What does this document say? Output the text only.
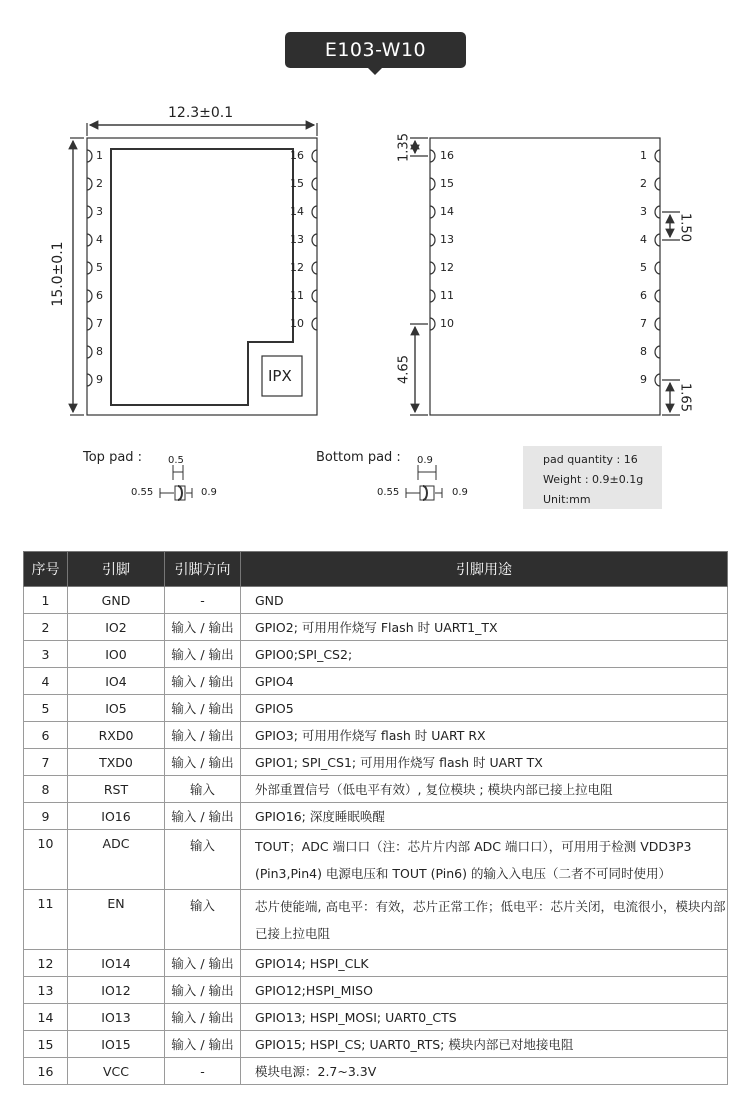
E103-W10
12.3±0.1
15.0±0.1
IPX
1
2
3
4
5
6
7
8
9
16
15
14
13
12
11
10
16
15
14
13
12
11
10
1
2
3
4
5
6
7
8
9
1.35
1.50
4.65
1.65
Top pad :	Bottom pad :
0.5
0.55	0.9
0.9
0.55	0.9
pad quantity : 16
Weight : 0.9±0.1g
Unit:mm
序号	引脚	引脚方向	引脚用途
1	GND	-	GND
2	IO2	输入 / 输出	GPIO2; 可用用作烧写 Flash 时 UART1_TX
3	IO0	输入 / 输出	GPIO0;SPI_CS2;
4	IO4	输入 / 输出	GPIO4
5	IO5	输入 / 输出	GPIO5
6	RXD0	输入 / 输出	GPIO3; 可用用作烧写 flash 时 UART RX
7	TXD0	输入 / 输出	GPIO1; SPI_CS1; 可用用作烧写 flash 时 UART TX
8	RST	输入	外部重置信号（低电平有效）, 复位模块 ; 模块内部已接上拉电阻
9	IO16	输入 / 输出	GPIO16; 深度睡眠唤醒
10	ADC	输入	TOUT；ADC 端口口（注：芯片片内部 ADC 端口口），可用用于检测 VDD3P3 (Pin3,Pin4) 电源电压和 TOUT (Pin6) 的输入入电压（二者不可同时使用）
11	EN	输入	芯片使能端, 高电平：有效，芯片正常工作；低电平：芯片关闭，电流很小，模块内部已接上拉电阻
12	IO14	输入 / 输出	GPIO14; HSPI_CLK
13	IO12	输入 / 输出	GPIO12;HSPI_MISO
14	IO13	输入 / 输出	GPIO13; HSPI_MOSI; UART0_CTS
15	IO15	输入 / 输出	GPIO15; HSPI_CS; UART0_RTS; 模块内部已对地接电阻
16	VCC	-	模块电源：2.7~3.3V
